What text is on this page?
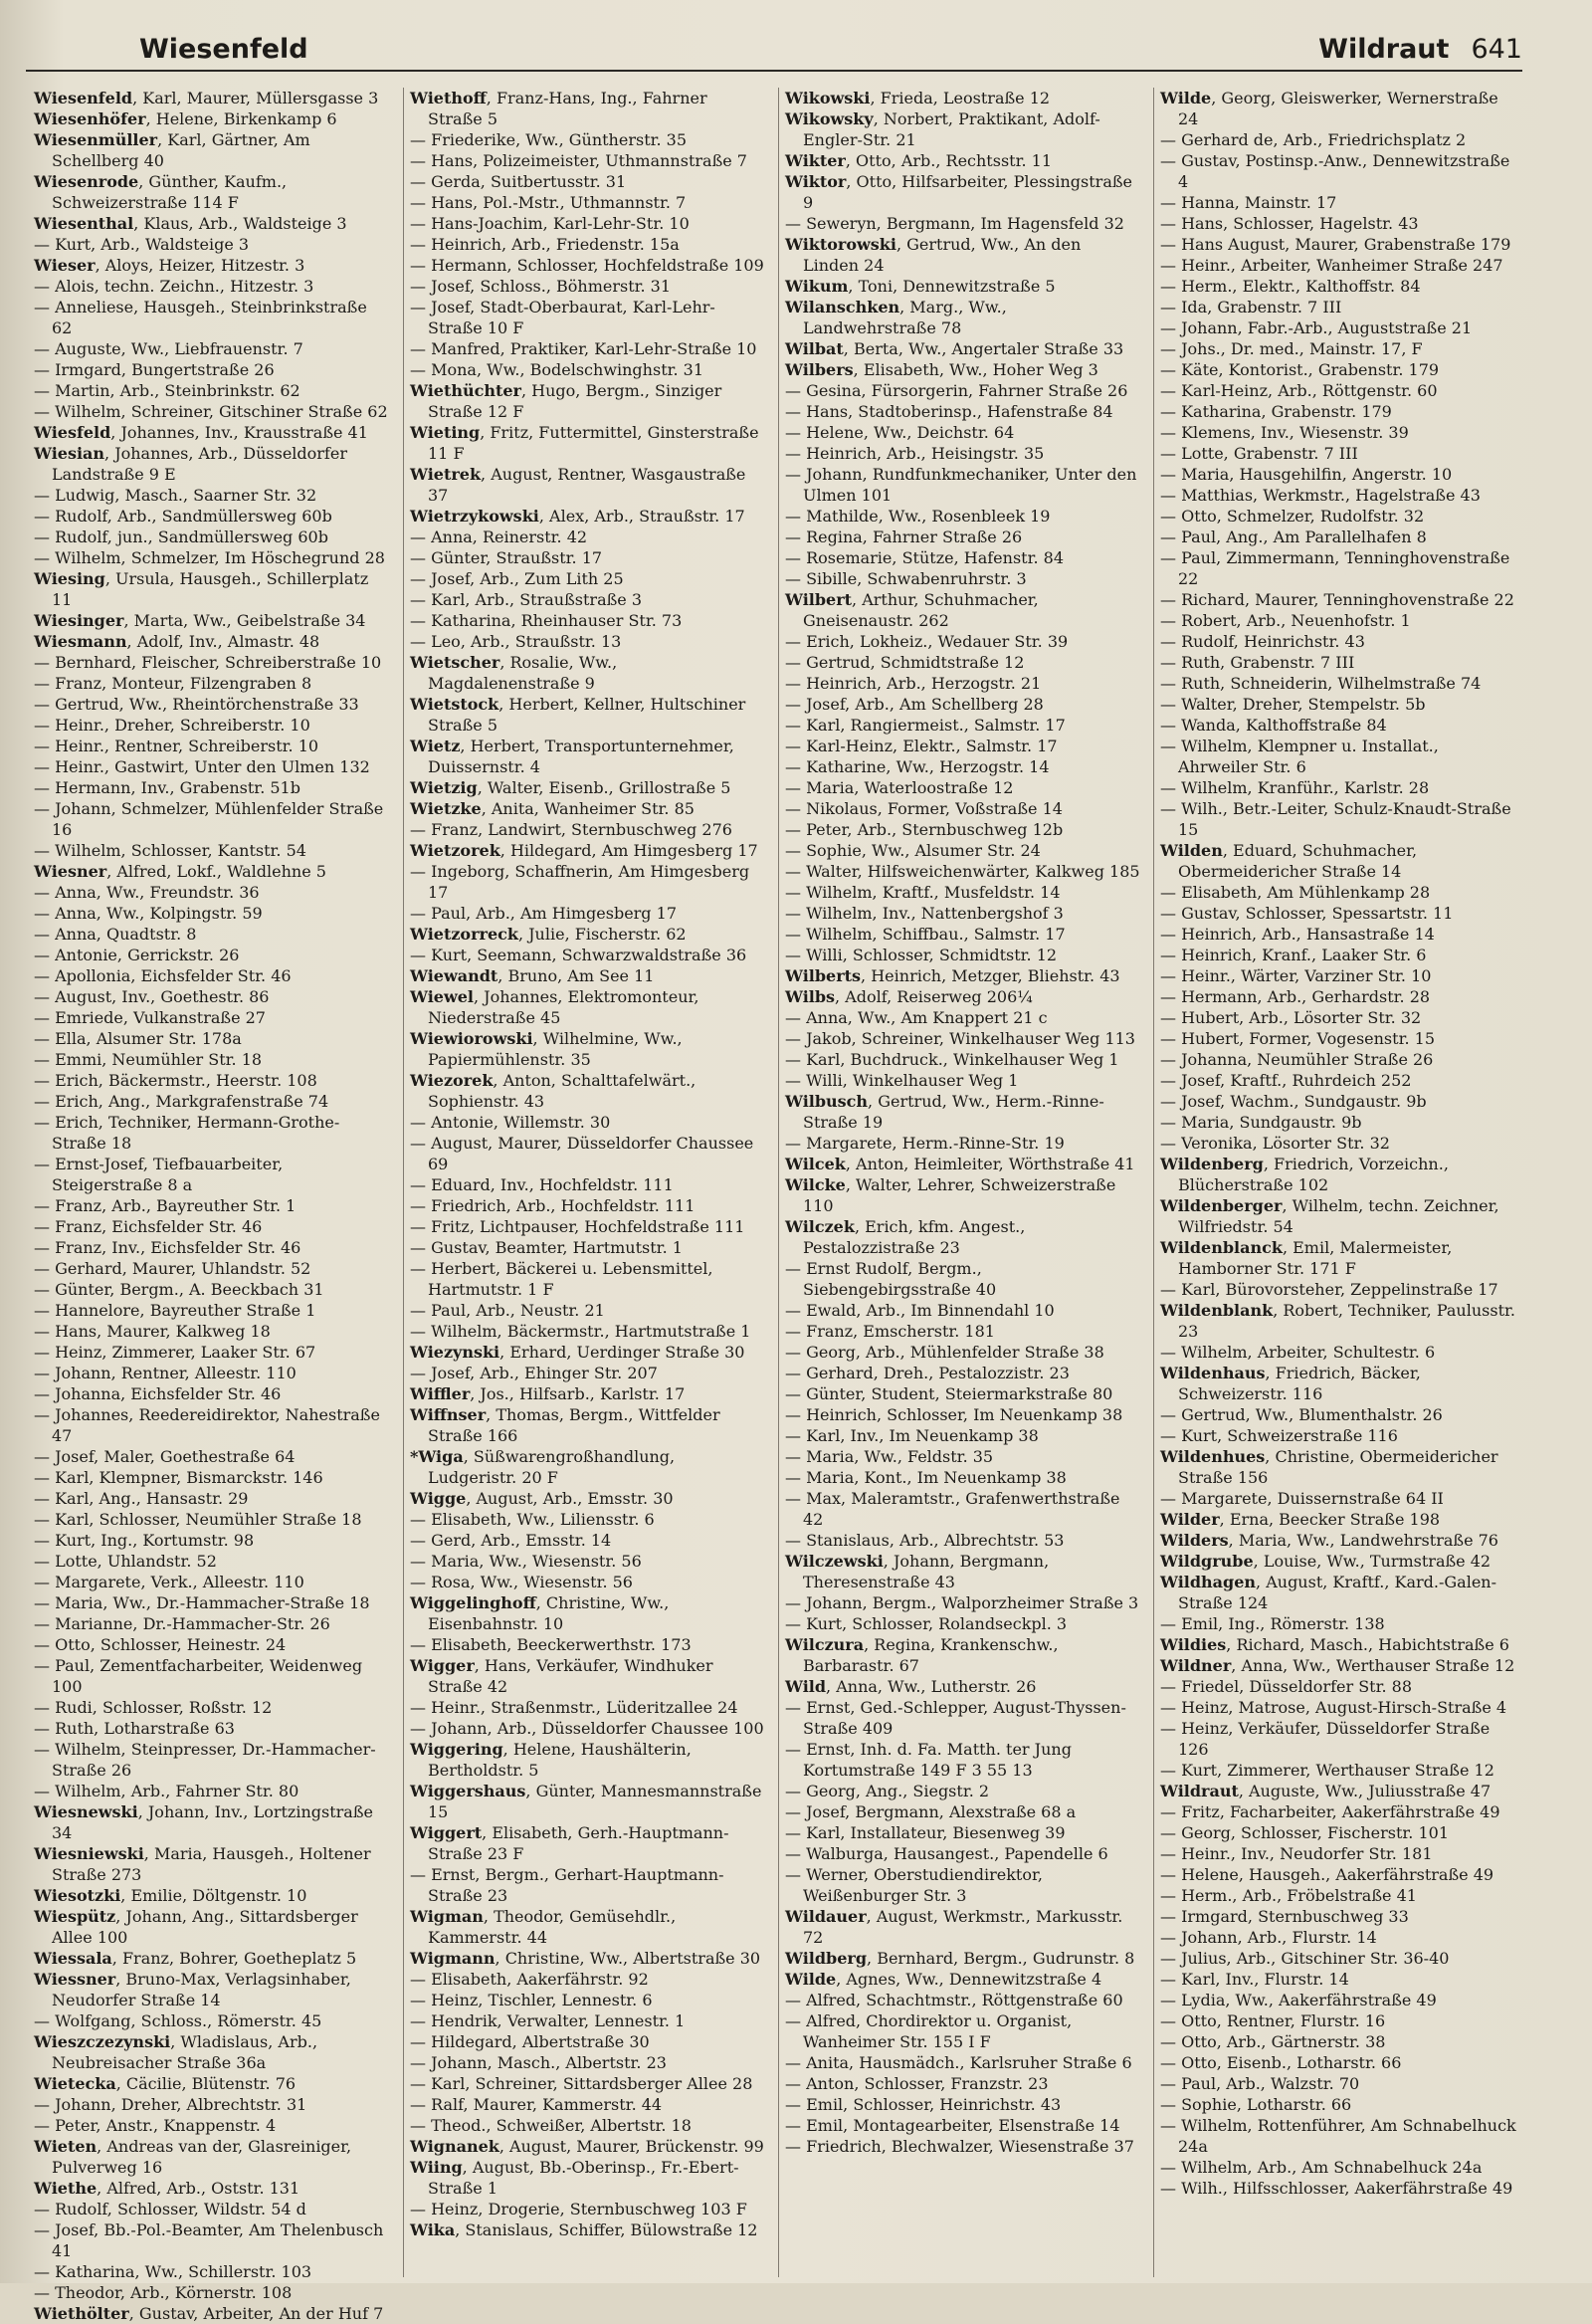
Wiesenfeld	Wildraut 641
Wiesenfeld, Karl, Maurer, Müllersgasse 3
Wiesenhöfer, Helene, Birkenkamp 6
Wiesenmüller, Karl, Gärtner, Am Schellberg 40
Wiesenrode, Günther, Kaufm., Schweizerstraße 114 F
Wiesenthal, Klaus, Arb., Waldsteige 3
— Kurt, Arb., Waldsteige 3
Wieser, Aloys, Heizer, Hitzestr. 3
— Alois, techn. Zeichn., Hitzestr. 3
— Anneliese, Hausgeh., Steinbrinkstraße 62
— Auguste, Ww., Liebfrauenstr. 7
— Irmgard, Bungertstraße 26
— Martin, Arb., Steinbrinkstr. 62
— Wilhelm, Schreiner, Gitschiner Straße 62
Wiesfeld, Johannes, Inv., Krausstraße 41
Wiesian, Johannes, Arb., Düsseldorfer Landstraße 9 E
— Ludwig, Masch., Saarner Str. 32
— Rudolf, Arb., Sandmüllersweg 60b
— Rudolf, jun., Sandmüllersweg 60b
— Wilhelm, Schmelzer, Im Höschegrund 28
Wiesing, Ursula, Hausgeh., Schillerplatz 11
Wiesinger, Marta, Ww., Geibelstraße 34
Wiesmann, Adolf, Inv., Almastr. 48
— Bernhard, Fleischer, Schreiberstraße 10
— Franz, Monteur, Filzengraben 8
— Gertrud, Ww., Rheintörchenstraße 33
— Heinr., Dreher, Schreiberstr. 10
— Heinr., Rentner, Schreiberstr. 10
— Heinr., Gastwirt, Unter den Ulmen 132
— Hermann, Inv., Grabenstr. 51b
— Johann, Schmelzer, Mühlenfelder Straße 16
— Wilhelm, Schlosser, Kantstr. 54
Wiesner, Alfred, Lokf., Waldlehne 5
— Anna, Ww., Freundstr. 36
— Anna, Ww., Kolpingstr. 59
— Anna, Quadtstr. 8
— Antonie, Gerrickstr. 26
— Apollonia, Eichsfelder Str. 46
— August, Inv., Goethestr. 86
— Emriede, Vulkanstraße 27
— Ella, Alsumer Str. 178a
— Emmi, Neumühler Str. 18
— Erich, Bäckermstr., Heerstr. 108
— Erich, Ang., Markgrafenstraße 74
— Erich, Techniker, Hermann-Grothe-Straße 18
— Ernst-Josef, Tiefbauarbeiter, Steigerstraße 8 a
— Franz, Arb., Bayreuther Str. 1
— Franz, Eichsfelder Str. 46
— Franz, Inv., Eichsfelder Str. 46
— Gerhard, Maurer, Uhlandstr. 52
— Günter, Bergm., A. Beeckbach 31
— Hannelore, Bayreuther Straße 1
— Hans, Maurer, Kalkweg 18
— Heinz, Zimmerer, Laaker Str. 67
— Johann, Rentner, Alleestr. 110
— Johanna, Eichsfelder Str. 46
— Johannes, Reedereidirektor, Nahestraße 47
— Josef, Maler, Goethestraße 64
— Karl, Klempner, Bismarckstr. 146
— Karl, Ang., Hansastr. 29
— Karl, Schlosser, Neumühler Straße 18
— Kurt, Ing., Kortumstr. 98
— Lotte, Uhlandstr. 52
— Margarete, Verk., Alleestr. 110
— Maria, Ww., Dr.-Hammacher-Straße 18
— Marianne, Dr.-Hammacher-Str. 26
— Otto, Schlosser, Heinestr. 24
— Paul, Zementfacharbeiter, Weidenweg 100
— Rudi, Schlosser, Roßstr. 12
— Ruth, Lotharstraße 63
— Wilhelm, Steinpresser, Dr.-Hammacher-Straße 26
— Wilhelm, Arb., Fahrner Str. 80
Wiesnewski, Johann, Inv., Lortzingstraße 34
Wiesniewski, Maria, Hausgeh., Holtener Straße 273
Wiesotzki, Emilie, Döltgenstr. 10
Wiespütz, Johann, Ang., Sittardsberger Allee 100
Wiessala, Franz, Bohrer, Goetheplatz 5
Wiessner, Bruno-Max, Verlagsinhaber, Neudorfer Straße 14
— Wolfgang, Schloss., Römerstr. 45
Wieszczezynski, Wladislaus, Arb., Neubreisacher Straße 36a
Wietecka, Cäcilie, Blütenstr. 76
— Johann, Dreher, Albrechtstr. 31
— Peter, Anstr., Knappenstr. 4
Wieten, Andreas van der, Glasreiniger, Pulverweg 16
Wiethe, Alfred, Arb., Oststr. 131
— Rudolf, Schlosser, Wildstr. 54 d
— Josef, Bb.-Pol.-Beamter, Am Thelenbusch 41
— Katharina, Ww., Schillerstr. 103
— Theodor, Arb., Körnerstr. 108
Wiethölter, Gustav, Arbeiter, An der Huf 7
Wiethoff, Franz-Hans, Ing., Fahrner Straße 5
— Friederike, Ww., Güntherstr. 35
— Hans, Polizeimeister, Uthmannstraße 7
— Gerda, Suitbertusstr. 31
— Hans, Pol.-Mstr., Uthmannstr. 7
— Hans-Joachim, Karl-Lehr-Str. 10
— Heinrich, Arb., Friedenstr. 15a
— Hermann, Schlosser, Hochfeldstraße 109
— Josef, Schloss., Böhmerstr. 31
— Josef, Stadt-Oberbaurat, Karl-Lehr-Straße 10 F
— Manfred, Praktiker, Karl-Lehr-Straße 10
— Mona, Ww., Bodelschwinghstr. 31
Wiethüchter, Hugo, Bergm., Sinziger Straße 12 F
Wieting, Fritz, Futtermittel, Ginsterstraße 11 F
Wietrek, August, Rentner, Wasgaustraße 37
Wietrzykowski, Alex, Arb., Straußstr. 17
— Anna, Reinerstr. 42
— Günter, Straußstr. 17
— Josef, Arb., Zum Lith 25
— Karl, Arb., Straußstraße 3
— Katharina, Rheinhauser Str. 73
— Leo, Arb., Straußstr. 13
Wietscher, Rosalie, Ww., Magdalenenstraße 9
Wietstock, Herbert, Kellner, Hultschiner Straße 5
Wietz, Herbert, Transportunternehmer, Duissernstr. 4
Wietzig, Walter, Eisenb., Grillostraße 5
Wietzke, Anita, Wanheimer Str. 85
— Franz, Landwirt, Sternbuschweg 276
Wietzorek, Hildegard, Am Himgesberg 17
— Ingeborg, Schaffnerin, Am Himgesberg 17
— Paul, Arb., Am Himgesberg 17
Wietzorreck, Julie, Fischerstr. 62
— Kurt, Seemann, Schwarzwaldstraße 36
Wiewandt, Bruno, Am See 11
Wiewel, Johannes, Elektromonteur, Niederstraße 45
Wiewiorowski, Wilhelmine, Ww., Papiermühlenstr. 35
Wiezorek, Anton, Schalttafelwärt., Sophienstr. 43
— Antonie, Willemstr. 30
— August, Maurer, Düsseldorfer Chaussee 69
— Eduard, Inv., Hochfeldstr. 111
— Friedrich, Arb., Hochfeldstr. 111
— Fritz, Lichtpauser, Hochfeldstraße 111
— Gustav, Beamter, Hartmutstr. 1
— Herbert, Bäckerei u. Lebensmittel, Hartmutstr. 1 F
— Paul, Arb., Neustr. 21
— Wilhelm, Bäckermstr., Hartmutstraße 1
Wiezynski, Erhard, Uerdinger Straße 30
— Josef, Arb., Ehinger Str. 207
Wiffler, Jos., Hilfsarb., Karlstr. 17
Wiffnser, Thomas, Bergm., Wittfelder Straße 166
*Wiga, Süßwarengroßhandlung, Ludgeristr. 20 F
Wigge, August, Arb., Emsstr. 30
— Elisabeth, Ww., Liliensstr. 6
— Gerd, Arb., Emsstr. 14
— Maria, Ww., Wiesenstr. 56
— Rosa, Ww., Wiesenstr. 56
Wiggelinghoff, Christine, Ww., Eisenbahnstr. 10
— Elisabeth, Beeckerwerthstr. 173
Wigger, Hans, Verkäufer, Windhuker Straße 42
— Heinr., Straßenmstr., Lüderitzallee 24
— Johann, Arb., Düsseldorfer Chaussee 100
Wiggering, Helene, Haushälterin, Bertholdstr. 5
Wiggershaus, Günter, Mannesmannstraße 15
Wiggert, Elisabeth, Gerh.-Hauptmann-Straße 23 F
— Ernst, Bergm., Gerhart-Hauptmann-Straße 23
Wigman, Theodor, Gemüsehdlr., Kammerstr. 44
Wigmann, Christine, Ww., Albertstraße 30
— Elisabeth, Aakerfährstr. 92
— Heinz, Tischler, Lennestr. 6
— Hendrik, Verwalter, Lennestr. 1
— Hildegard, Albertstraße 30
— Johann, Masch., Albertstr. 23
— Karl, Schreiner, Sittardsberger Allee 28
— Ralf, Maurer, Kammerstr. 44
— Theod., Schweißer, Albertstr. 18
Wignanek, August, Maurer, Brückenstr. 99
Wiing, August, Bb.-Oberinsp., Fr.-Ebert-Straße 1
— Heinz, Drogerie, Sternbuschweg 103 F
Wika, Stanislaus, Schiffer, Bülowstraße 12
Wikowski, Frieda, Leostraße 12
Wikowsky, Norbert, Praktikant, Adolf-Engler-Str. 21
Wikter, Otto, Arb., Rechtsstr. 11
Wiktor, Otto, Hilfsarbeiter, Plessingstraße 9
— Seweryn, Bergmann, Im Hagensfeld 32
Wiktorowski, Gertrud, Ww., An den Linden 24
Wikum, Toni, Dennewitzstraße 5
Wilanschken, Marg., Ww., Landwehrstraße 78
Wilbat, Berta, Ww., Angertaler Straße 33
Wilbers, Elisabeth, Ww., Hoher Weg 3
— Gesina, Fürsorgerin, Fahrner Straße 26
— Hans, Stadtoberinsp., Hafenstraße 84
— Helene, Ww., Deichstr. 64
— Heinrich, Arb., Heisingstr. 35
— Johann, Rundfunkmechaniker, Unter den Ulmen 101
— Mathilde, Ww., Rosenbleek 19
— Regina, Fahrner Straße 26
— Rosemarie, Stütze, Hafenstr. 84
— Sibille, Schwabenruhrstr. 3
Wilbert, Arthur, Schuhmacher, Gneisenaustr. 262
— Erich, Lokheiz., Wedauer Str. 39
— Gertrud, Schmidtstraße 12
— Heinrich, Arb., Herzogstr. 21
— Josef, Arb., Am Schellberg 28
— Karl, Rangiermeist., Salmstr. 17
— Karl-Heinz, Elektr., Salmstr. 17
— Katharine, Ww., Herzogstr. 14
— Maria, Waterloostraße 12
— Nikolaus, Former, Voßstraße 14
— Peter, Arb., Sternbuschweg 12b
— Sophie, Ww., Alsumer Str. 24
— Walter, Hilfsweichenwärter, Kalkweg 185
— Wilhelm, Kraftf., Musfeldstr. 14
— Wilhelm, Inv., Nattenbergshof 3
— Wilhelm, Schiffbau., Salmstr. 17
— Willi, Schlosser, Schmidtstr. 12
Wilberts, Heinrich, Metzger, Bliehstr. 43
Wilbs, Adolf, Reiserweg 206¼
— Anna, Ww., Am Knappert 21 c
— Jakob, Schreiner, Winkelhauser Weg 113
— Karl, Buchdruck., Winkelhauser Weg 1
— Willi, Winkelhauser Weg 1
Wilbusch, Gertrud, Ww., Herm.-Rinne-Straße 19
— Margarete, Herm.-Rinne-Str. 19
Wilcek, Anton, Heimleiter, Wörthstraße 41
Wilcke, Walter, Lehrer, Schweizerstraße 110
Wilczek, Erich, kfm. Angest., Pestalozzistraße 23
— Ernst Rudolf, Bergm., Siebengebirgsstraße 40
— Ewald, Arb., Im Binnendahl 10
— Franz, Emscherstr. 181
— Georg, Arb., Mühlenfelder Straße 38
— Gerhard, Dreh., Pestalozzistr. 23
— Günter, Student, Steiermarkstraße 80
— Heinrich, Schlosser, Im Neuenkamp 38
— Karl, Inv., Im Neuenkamp 38
— Maria, Ww., Feldstr. 35
— Maria, Kont., Im Neuenkamp 38
— Max, Maleramtstr., Grafenwerthstraße 42
— Stanislaus, Arb., Albrechtstr. 53
Wilczewski, Johann, Bergmann, Theresenstraße 43
— Johann, Bergm., Walporzheimer Straße 3
— Kurt, Schlosser, Rolandseckpl. 3
Wilczura, Regina, Krankenschw., Barbarastr. 67
Wild, Anna, Ww., Lutherstr. 26
— Ernst, Ged.-Schlepper, August-Thyssen-Straße 409
— Ernst, Inh. d. Fa. Matth. ter Jung Kortumstraße 149 F 3 55 13
— Georg, Ang., Siegstr. 2
— Josef, Bergmann, Alexstraße 68 a
— Karl, Installateur, Biesenweg 39
— Walburga, Hausangest., Papendelle 6
— Werner, Oberstudiendirektor, Weißenburger Str. 3
Wildauer, August, Werkmstr., Markusstr. 72
Wildberg, Bernhard, Bergm., Gudrunstr. 8
Wilde, Agnes, Ww., Dennewitzstraße 4
— Alfred, Schachtmstr., Röttgenstraße 60
— Alfred, Chordirektor u. Organist, Wanheimer Str. 155 I F
— Anita, Hausmädch., Karlsruher Straße 6
— Anton, Schlosser, Franzstr. 23
— Emil, Schlosser, Heinrichstr. 43
— Emil, Montagearbeiter, Elsenstraße 14
— Friedrich, Blechwalzer, Wiesenstraße 37
Wilde, Georg, Gleiswerker, Wernerstraße 24
— Gerhard de, Arb., Friedrichsplatz 2
— Gustav, Postinsp.-Anw., Dennewitzstraße 4
— Hanna, Mainstr. 17
— Hans, Schlosser, Hagelstr. 43
— Hans August, Maurer, Grabenstraße 179
— Heinr., Arbeiter, Wanheimer Straße 247
— Herm., Elektr., Kalthoffstr. 84
— Ida, Grabenstr. 7 III
— Johann, Fabr.-Arb., Auguststraße 21
— Johs., Dr. med., Mainstr. 17, F
— Käte, Kontorist., Grabenstr. 179
— Karl-Heinz, Arb., Röttgenstr. 60
— Katharina, Grabenstr. 179
— Klemens, Inv., Wiesenstr. 39
— Lotte, Grabenstr. 7 III
— Maria, Hausgehilfin, Angerstr. 10
— Matthias, Werkmstr., Hagelstraße 43
— Otto, Schmelzer, Rudolfstr. 32
— Paul, Ang., Am Parallelhafen 8
— Paul, Zimmermann, Tenninghovenstraße 22
— Richard, Maurer, Tenninghovenstraße 22
— Robert, Arb., Neuenhofstr. 1
— Rudolf, Heinrichstr. 43
— Ruth, Grabenstr. 7 III
— Ruth, Schneiderin, Wilhelmstraße 74
— Walter, Dreher, Stempelstr. 5b
— Wanda, Kalthoffstraße 84
— Wilhelm, Klempner u. Installat., Ahrweiler Str. 6
— Wilhelm, Kranführ., Karlstr. 28
— Wilh., Betr.-Leiter, Schulz-Knaudt-Straße 15
Wilden, Eduard, Schuhmacher, Obermeidericher Straße 14
— Elisabeth, Am Mühlenkamp 28
— Gustav, Schlosser, Spessartstr. 11
— Heinrich, Arb., Hansastraße 14
— Heinrich, Kranf., Laaker Str. 6
— Heinr., Wärter, Varziner Str. 10
— Hermann, Arb., Gerhardstr. 28
— Hubert, Arb., Lösorter Str. 32
— Hubert, Former, Vogesenstr. 15
— Johanna, Neumühler Straße 26
— Josef, Kraftf., Ruhrdeich 252
— Josef, Wachm., Sundgaustr. 9b
— Maria, Sundgaustr. 9b
— Veronika, Lösorter Str. 32
Wildenberg, Friedrich, Vorzeichn., Blücherstraße 102
Wildenberger, Wilhelm, techn. Zeichner, Wilfriedstr. 54
Wildenblanck, Emil, Malermeister, Hamborner Str. 171 F
— Karl, Bürovorsteher, Zeppelinstraße 17
Wildenblank, Robert, Techniker, Paulusstr. 23
— Wilhelm, Arbeiter, Schultestr. 6
Wildenhaus, Friedrich, Bäcker, Schweizerstr. 116
— Gertrud, Ww., Blumenthalstr. 26
— Kurt, Schweizerstraße 116
Wildenhues, Christine, Obermeidericher Straße 156
— Margarete, Duissernstraße 64 II
Wilder, Erna, Beecker Straße 198
Wilders, Maria, Ww., Landwehrstraße 76
Wildgrube, Louise, Ww., Turmstraße 42
Wildhagen, August, Kraftf., Kard.-Galen-Straße 124
— Emil, Ing., Römerstr. 138
Wildies, Richard, Masch., Habichtstraße 6
Wildner, Anna, Ww., Werthauser Straße 12
— Friedel, Düsseldorfer Str. 88
— Heinz, Matrose, August-Hirsch-Straße 4
— Heinz, Verkäufer, Düsseldorfer Straße 126
— Kurt, Zimmerer, Werthauser Straße 12
Wildraut, Auguste, Ww., Juliusstraße 47
— Fritz, Facharbeiter, Aakerfährstraße 49
— Georg, Schlosser, Fischerstr. 101
— Heinr., Inv., Neudorfer Str. 181
— Helene, Hausgeh., Aakerfährstraße 49
— Herm., Arb., Fröbelstraße 41
— Irmgard, Sternbuschweg 33
— Johann, Arb., Flurstr. 14
— Julius, Arb., Gitschiner Str. 36-40
— Karl, Inv., Flurstr. 14
— Lydia, Ww., Aakerfährstraße 49
— Otto, Rentner, Flurstr. 16
— Otto, Arb., Gärtnerstr. 38
— Otto, Eisenb., Lotharstr. 66
— Paul, Arb., Walzstr. 70
— Sophie, Lotharstr. 66
— Wilhelm, Rottenführer, Am Schnabelhuck 24a
— Wilhelm, Arb., Am Schnabelhuck 24a
— Wilh., Hilfsschlosser, Aakerfährstraße 49
